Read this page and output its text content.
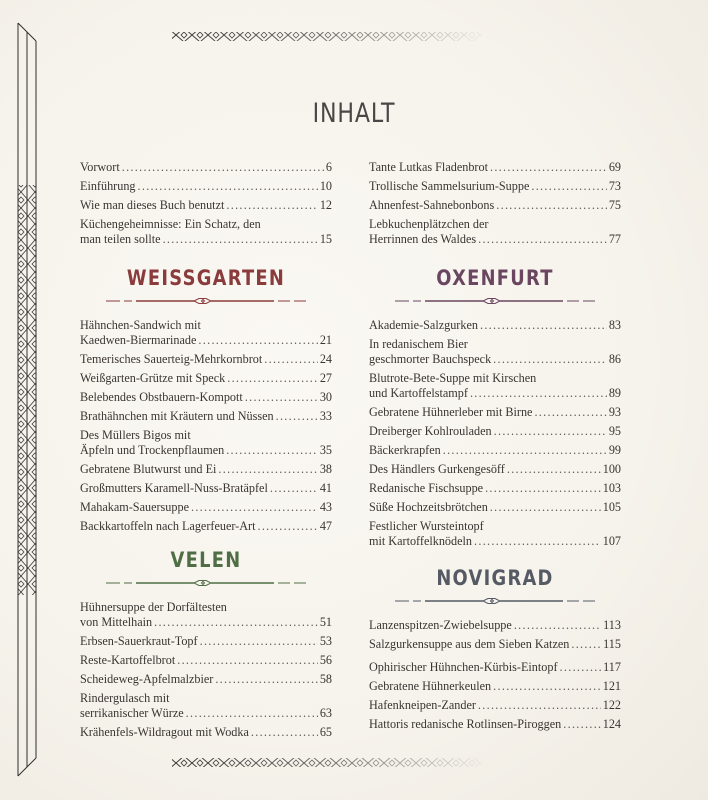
INHALT
Vorwort .....	6
Einführung .....	10
Wie man dieses Buch benutzt .....	12
Küchengeheimnisse: Ein Schatz, den
man teilen sollte .....	15
WEISSGARTEN
Hähnchen-Sandwich mit
Kaedwen-Biermarinade .....	21
Temerisches Sauerteig-Mehrkornbrot .....	24
Weißgarten-Grütze mit Speck .....	27
Belebendes Obstbauern-Kompott .....	30
Brathähnchen mit Kräutern und Nüssen .....	33
Des Müllers Bigos mit
Äpfeln und Trockenpflaumen .....	35
Gebratene Blutwurst und Ei .....	38
Großmutters Karamell-Nuss-Bratäpfel .....	41
Mahakam-Sauersuppe .....	43
Backkartoffeln nach Lagerfeuer-Art .....	47
VELEN
Hühnersuppe der Dorfältesten
von Mittelhain .....	51
Erbsen-Sauerkraut-Topf .....	53
Reste-Kartoffelbrot .....	56
Scheideweg-Apfelmalzbier .....	58
Rindergulasch mit
serrikanischer Würze .....	63
Krähenfels-Wildragout mit Wodka .....	65
Tante Lutkas Fladenbrot .....	69
Trollische Sammelsurium-Suppe .....	73
Ahnenfest-Sahnebonbons .....	75
Lebkuchenplätzchen der
Herrinnen des Waldes .....	77
OXENFURT
Akademie-Salzgurken .....	83
In redanischem Bier
geschmorter Bauchspeck .....	86
Blutrote-Bete-Suppe mit Kirschen
und Kartoffelstampf .....	89
Gebratene Hühnerleber mit Birne .....	93
Dreiberger Kohlrouladen .....	95
Bäckerkrapfen .....	99
Des Händlers Gurkengesöff .....	100
Redanische Fischsuppe .....	103
Süße Hochzeitsbrötchen .....	105
Festlicher Wursteintopf
mit Kartoffelknödeln .....	107
NOVIGRAD
Lanzenspitzen-Zwiebelsuppe .....	113
Salzgurkensuppe aus dem Sieben Katzen .....	115
Ophirischer Hühnchen-Kürbis-Eintopf .....	117
Gebratene Hühnerkeulen .....	121
Hafenkneipen-Zander .....	122
Hattoris redanische Rotlinsen-Piroggen .....	124
